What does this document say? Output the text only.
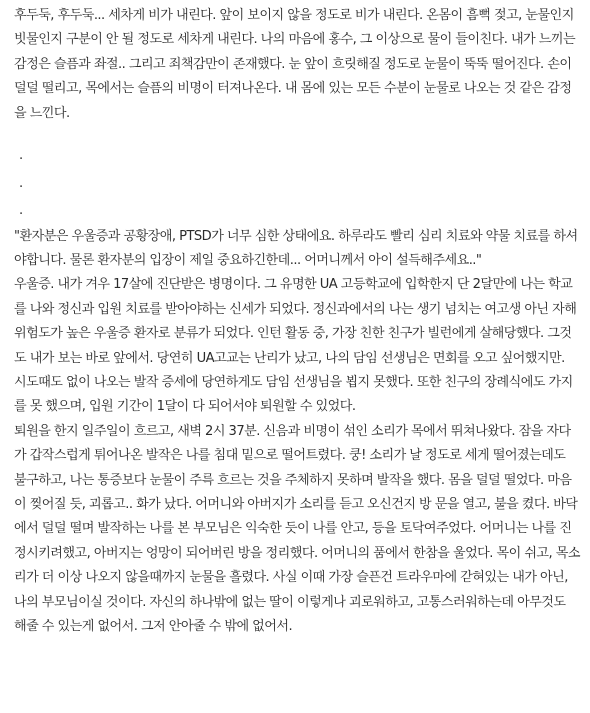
후두둑, 후두둑... 세차게 비가 내린다. 앞이 보이지 않을 정도로 비가 내린다. 온몸이 흠뻑 젖고, 눈물인지 빗물인지 구분이 안 될 정도로 세차게 내린다. 나의 마음에 홍수, 그 이상으로 물이 들이친다. 내가 느끼는 감정은 슬픔과 좌절.. 그리고 죄책감만이 존재했다. 눈 앞이 흐릿해질 정도로 눈물이 뚝뚝 떨어진다. 손이 덜덜 떨리고, 목에서는 슬픔의 비명이 터져나온다. 내 몸에 있는 모든 수분이 눈물로 나오는 것 같은 감정을 느낀다.

.
.
.

"환자분은 우울증과 공황장애, PTSD가 너무 심한 상태에요. 하루라도 빨리 심리 치료와 약물 치료를 하셔야합니다. 물론 환자분의 입장이 제일 중요하긴한데... 어머니께서 아이 설득해주세요.."

우울증. 내가 겨우 17살에 진단받은 병명이다. 그 유명한 UA 고등학교에 입학한지 단 2달만에 나는 학교를 나와 정신과 입원 치료를 받아야하는 신세가 되었다. 정신과에서의 나는 생기 넘치는 여고생 아닌 자해 위험도가 높은 우울증 환자로 분류가 되었다. 인턴 활동 중, 가장 친한 친구가 빌런에게 살해당했다. 그것도 내가 보는 바로 앞에서. 당연히 UA고교는 난리가 났고, 나의 담임 선생님은 면회를 오고 싶어했지만. 시도때도 없이 나오는 발작 증세에 당연하게도 담임 선생님을 뵙지 못했다. 또한 친구의 장례식에도 가지를 못 했으며, 입원 기간이 1달이 다 되어서야 퇴원할 수 있었다.

퇴원을 한지 일주일이 흐르고, 새벽 2시 37분. 신음과 비명이 섞인 소리가 목에서 뛰쳐나왔다. 잠을 자다가 갑작스럽게 튀어나온 발작은 나를 침대 밑으로 떨어트렸다. 쿵! 소리가 날 정도로 세게 떨어졌는데도 불구하고, 나는 통증보다 눈물이 주륵 흐르는 것을 주체하지 못하며 발작을 했다. 몸을 덜덜 떨었다. 마음이 찢어질 듯, 괴롭고.. 화가 났다. 어머니와 아버지가 소리를 듣고 오신건지 방 문을 열고, 불을 켰다. 바닥에서 덜덜 떨며 발작하는 나를 본 부모님은 익숙한 듯이 나를 안고, 등을 토닥여주었다. 어머니는 나를 진정시키려했고, 아버지는 엉망이 되어버린 방을 정리했다. 어머니의 품에서 한참을 울었다. 목이 쉬고, 목소리가 더 이상 나오지 않을때까지 눈물을 흘렸다. 사실 이때 가장 슬픈건 트라우마에 갇혀있는 내가 아닌, 나의 부모님이실 것이다. 자신의 하나밖에 없는 딸이 이렇게나 괴로워하고, 고통스러워하는데 아무것도 해줄 수 있는게 없어서. 그저 안아줄 수 밖에 없어서.
